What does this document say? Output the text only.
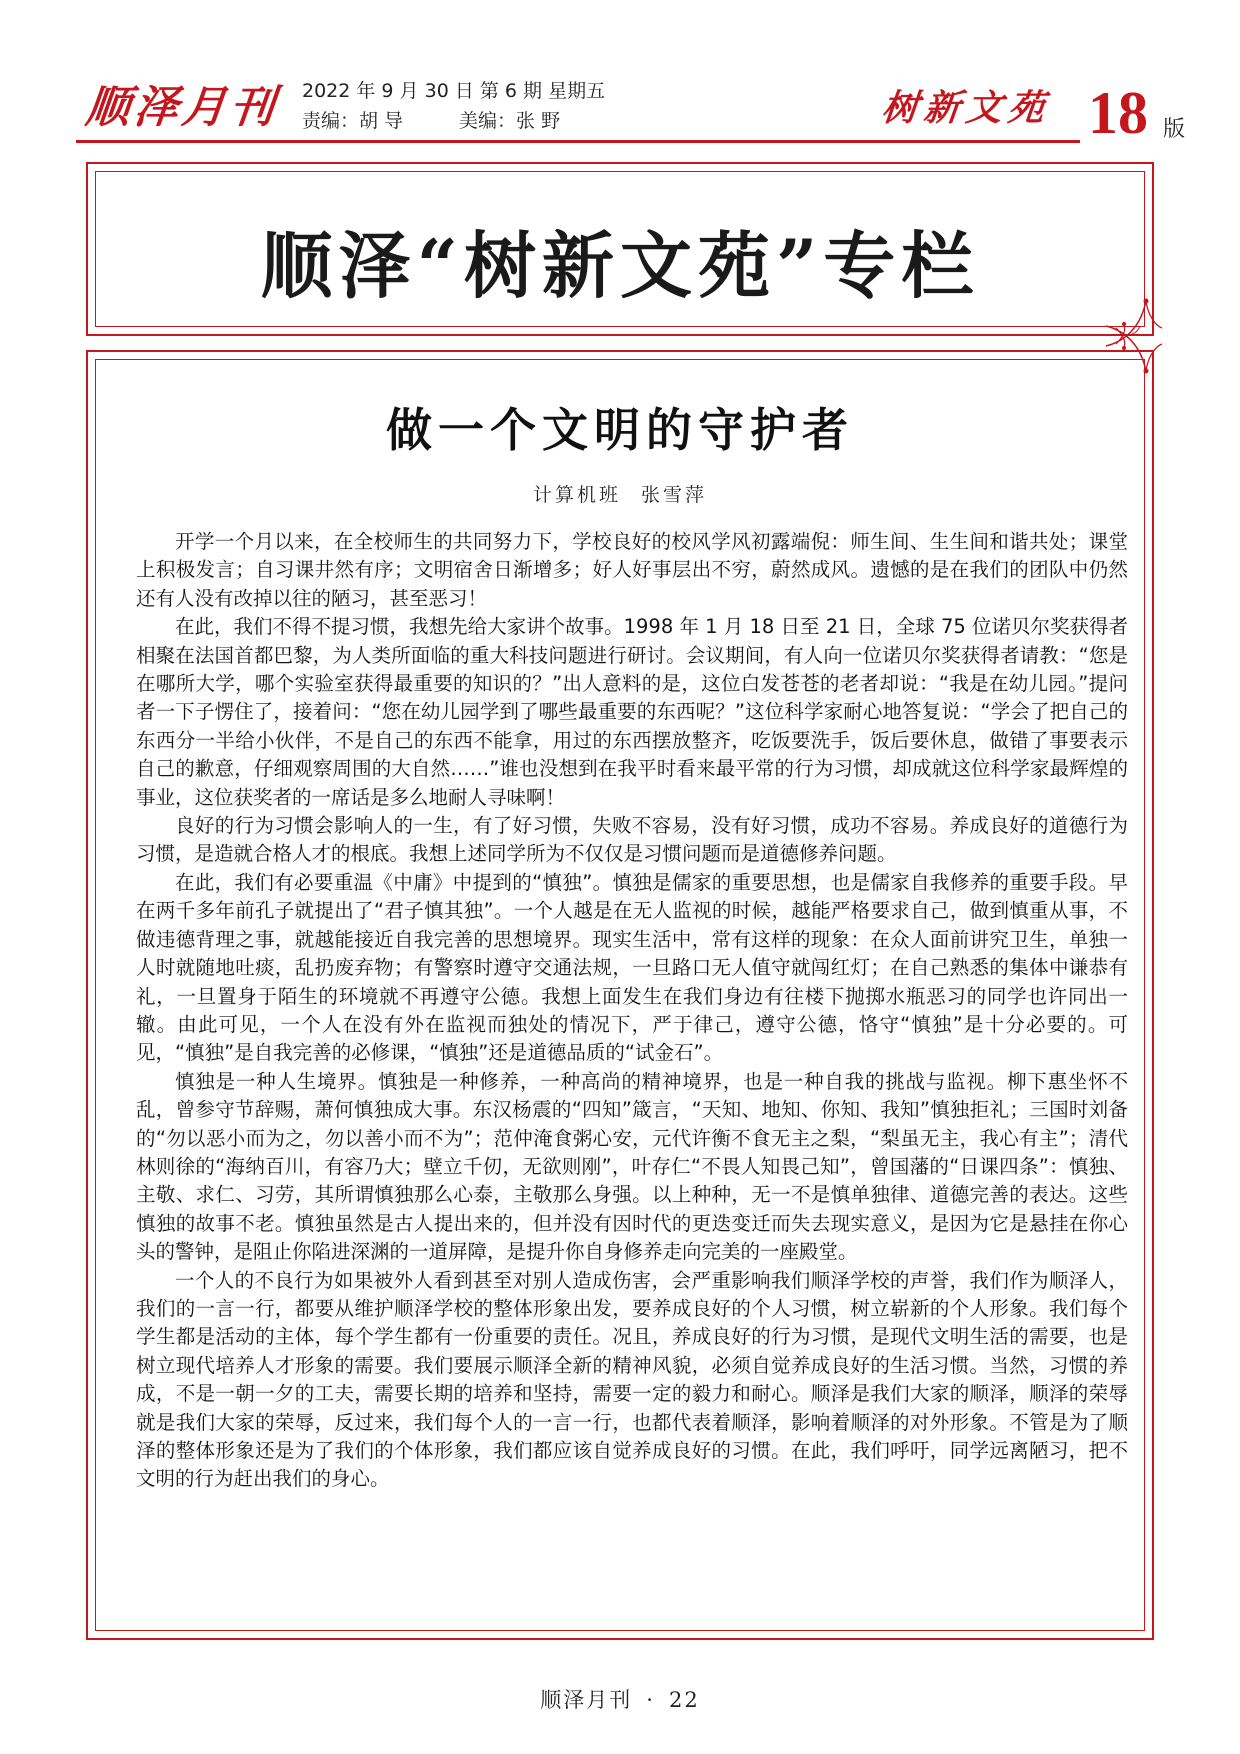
顺泽月刊 2022 年 9 月 30 日 第 6 期 星期五
责编：胡 导	美编：张 野	树新文苑 18 版
顺泽“树新文苑”专栏
做一个文明的守护者
计算机班 张雪萍

开学一个月以来，在全校师生的共同努力下，学校良好的校风学风初露端倪：师生间、生生间和谐共处；课堂上积极发言；自习课井然有序；文明宿舍日渐增多；好人好事层出不穷，蔚然成风。遗憾的是在我们的团队中仍然还有人没有改掉以往的陋习，甚至恶习！

在此，我们不得不提习惯，我想先给大家讲个故事。1998 年 1 月 18 日至 21 日，全球 75 位诺贝尔奖获得者相聚在法国首都巴黎，为人类所面临的重大科技问题进行研讨。会议期间，有人向一位诺贝尔奖获得者请教：“您是在哪所大学，哪个实验室获得最重要的知识的？”出人意料的是，这位白发苍苍的老者却说：“我是在幼儿园。”提问者一下子愣住了，接着问：“您在幼儿园学到了哪些最重要的东西呢？”这位科学家耐心地答复说：“学会了把自己的东西分一半给小伙伴，不是自己的东西不能拿，用过的东西摆放整齐，吃饭要洗手，饭后要休息，做错了事要表示自己的歉意，仔细观察周围的大自然……”谁也没想到在我平时看来最平常的行为习惯，却成就这位科学家最辉煌的事业，这位获奖者的一席话是多么地耐人寻味啊！

良好的行为习惯会影响人的一生，有了好习惯，失败不容易，没有好习惯，成功不容易。养成良好的道德行为习惯，是造就合格人才的根底。我想上述同学所为不仅仅是习惯问题而是道德修养问题。

在此，我们有必要重温《中庸》中提到的“慎独”。慎独是儒家的重要思想，也是儒家自我修养的重要手段。早在两千多年前孔子就提出了“君子慎其独”。一个人越是在无人监视的时候，越能严格要求自己，做到慎重从事，不做违德背理之事，就越能接近自我完善的思想境界。现实生活中，常有这样的现象：在众人面前讲究卫生，单独一人时就随地吐痰，乱扔废弃物；有警察时遵守交通法规，一旦路口无人值守就闯红灯；在自己熟悉的集体中谦恭有礼，一旦置身于陌生的环境就不再遵守公德。我想上面发生在我们身边有往楼下抛掷水瓶恶习的同学也许同出一辙。由此可见，一个人在没有外在监视而独处的情况下，严于律己，遵守公德，恪守“慎独”是十分必要的。可见，“慎独”是自我完善的必修课，“慎独”还是道德品质的“试金石”。

慎独是一种人生境界。慎独是一种修养，一种高尚的精神境界，也是一种自我的挑战与监视。柳下惠坐怀不乱，曾参守节辞赐，萧何慎独成大事。东汉杨震的“四知”箴言，“天知、地知、你知、我知”慎独拒礼；三国时刘备的“勿以恶小而为之，勿以善小而不为”；范仲淹食粥心安，元代许衡不食无主之梨，“梨虽无主，我心有主”；清代林则徐的“海纳百川，有容乃大；壁立千仞，无欲则刚”，叶存仁“不畏人知畏己知”，曾国藩的“日课四条”：慎独、主敬、求仁、习劳，其所谓慎独那么心泰，主敬那么身强。以上种种，无一不是慎单独律、道德完善的表达。这些慎独的故事不老。慎独虽然是古人提出来的，但并没有因时代的更迭变迁而失去现实意义，是因为它是悬挂在你心头的警钟，是阻止你陷进深渊的一道屏障，是提升你自身修养走向完美的一座殿堂。

一个人的不良行为如果被外人看到甚至对别人造成伤害，会严重影响我们顺泽学校的声誉，我们作为顺泽人，我们的一言一行，都要从维护顺泽学校的整体形象出发，要养成良好的个人习惯，树立崭新的个人形象。我们每个学生都是活动的主体，每个学生都有一份重要的责任。况且，养成良好的行为习惯，是现代文明生活的需要，也是树立现代培养人才形象的需要。我们要展示顺泽全新的精神风貌，必须自觉养成良好的生活习惯。当然，习惯的养成，不是一朝一夕的工夫，需要长期的培养和坚持，需要一定的毅力和耐心。顺泽是我们大家的顺泽，顺泽的荣辱就是我们大家的荣辱，反过来，我们每个人的一言一行，也都代表着顺泽，影响着顺泽的对外形象。不管是为了顺泽的整体形象还是为了我们的个体形象，我们都应该自觉养成良好的习惯。在此，我们呼吁，同学远离陋习，把不文明的行为赶出我们的身心。

顺泽月刊 · 22
